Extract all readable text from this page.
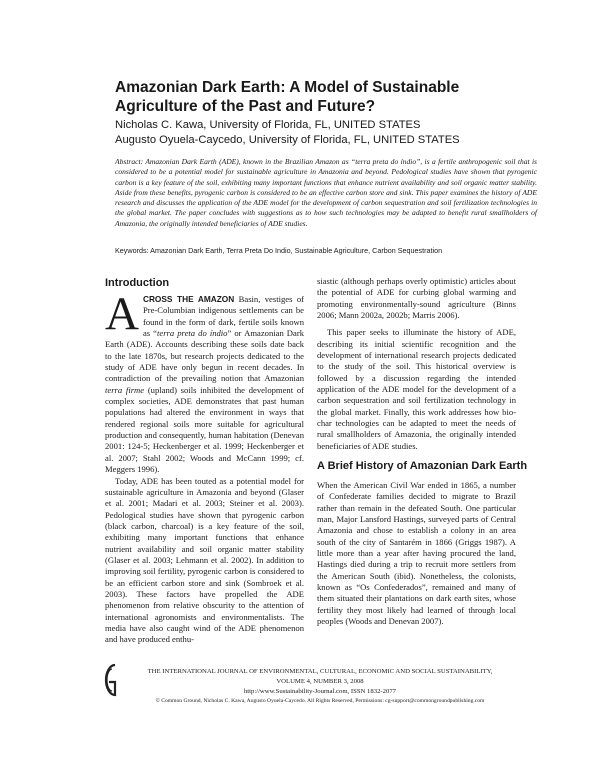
Amazonian Dark Earth: A Model of Sustainable Agriculture of the Past and Future?
Nicholas C. Kawa, University of Florida, FL, UNITED STATES
Augusto Oyuela-Caycedo, University of Florida, FL, UNITED STATES
Abstract: Amazonian Dark Earth (ADE), known in the Brazilian Amazon as “terra preta do índio”, is a fertile anthropogenic soil that is considered to be a potential model for sustainable agriculture in Amazonia and beyond. Pedological studies have shown that pyrogenic carbon is a key feature of the soil, exhibiting many important functions that enhance nutrient availability and soil organic matter stability. Aside from these benefits, pyrogenic carbon is considered to be an effective carbon store and sink. This paper examines the history of ADE research and discusses the application of the ADE model for the development of carbon sequestration and soil fertilization technologies in the global market. The paper concludes with suggestions as to how such technologies may be adapted to benefit rural smallholders of Amazonia, the originally intended beneficiaries of ADE studies.
Keywords: Amazonian Dark Earth, Terra Preta Do Indio, Sustainable Agriculture, Carbon Sequestration
Introduction

ACROSS THE AMAZON Basin, vestiges of Pre-Columbian indigenous settlements can be found in the form of dark, fertile soils known as “terra preta do índio” or Amazonian Dark Earth (ADE). Accounts describing these soils date back to the late 1870s, but research projects dedicated to the study of ADE have only begun in recent decades. In contradiction of the prevailing notion that Amazonian terra firme (upland) soils inhibited the development of complex societies, ADE demonstrates that past human populations had altered the environment in ways that rendered regional soils more suitable for agricultural production and consequently, human habitation (Denevan 2001: 124-5; Heckenberger et al. 1999; Heckenberger et al. 2007; Stahl 2002; Woods and McCann 1999; cf. Meggers 1996).

Today, ADE has been touted as a potential model for sustainable agriculture in Amazonia and beyond (Glaser et al. 2001; Madari et al. 2003; Steiner et al. 2003). Pedological studies have shown that pyrogenic carbon (black carbon, charcoal) is a key feature of the soil, exhibiting many important functions that enhance nutrient availability and soil organic matter stability (Glaser et al. 2003; Lehmann et al. 2002). In addition to improving soil fertility, pyrogenic carbon is considered to be an efficient carbon store and sink (Sombroek et al. 2003). These factors have propelled the ADE phenomenon from relative obscurity to the attention of international agronomists and environmentalists. The media have also caught wind of the ADE phenomenon and have produced enthu-

siastic (although perhaps overly optimistic) articles about the potential of ADE for curbing global warming and promoting environmentally-sound agriculture (Binns 2006; Mann 2002a, 2002b; Marris 2006).

This paper seeks to illuminate the history of ADE, describing its initial scientific recognition and the development of international research projects dedicated to the study of the soil. This historical overview is followed by a discussion regarding the intended application of the ADE model for the development of a carbon sequestration and soil fertilization technology in the global market. Finally, this work addresses how bio-char technologies can be adapted to meet the needs of rural smallholders of Amazonia, the originally intended beneficiaries of ADE studies.

A Brief History of Amazonian Dark Earth

When the American Civil War ended in 1865, a number of Confederate families decided to migrate to Brazil rather than remain in the defeated South. One particular man, Major Lansford Hastings, surveyed parts of Central Amazonia and chose to establish a colony in an area south of the city of Santarém in 1866 (Griggs 1987). A little more than a year after having procured the land, Hastings died during a trip to recruit more settlers from the American South (ibid). Nonetheless, the colonists, known as “Os Confederados”, remained and many of them situated their plantations on dark earth sites, whose fertility they most likely had learned of through local peoples (Woods and Denevan 2007).

THE INTERNATIONAL JOURNAL OF ENVIRONMENTAL, CULTURAL, ECONOMIC AND SOCIAL SUSTAINABILITY,
VOLUME 4, NUMBER 3, 2008
http://www.Sustainability-Journal.com, ISSN 1832-2077
© Common Ground, Nicholas C. Kawa, Augusto Oyuela-Caycedo. All Rights Reserved, Permissions: cg-support@commongroundpublishing.com
